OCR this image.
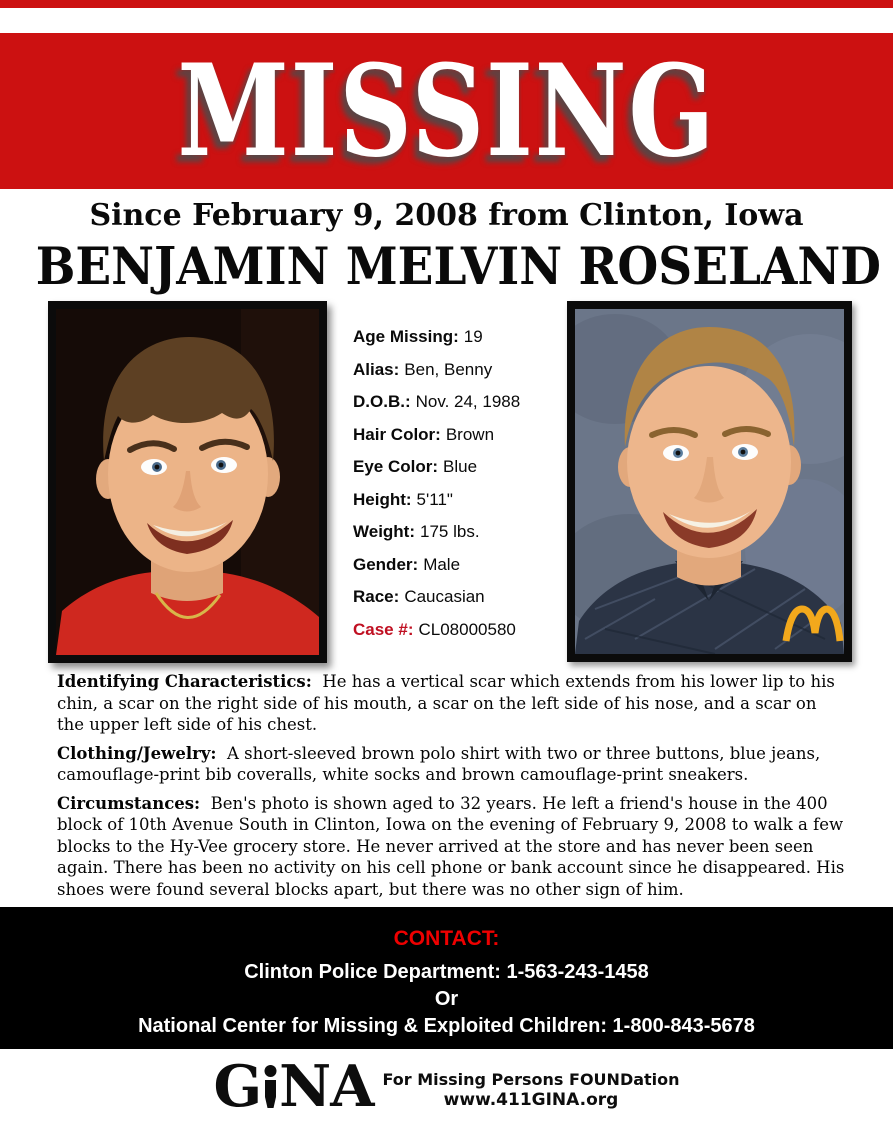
MISSING
Since February 9, 2008 from Clinton, Iowa
BENJAMIN MELVIN ROSELAND
Age Missing: 19
Alias: Ben, Benny
D.O.B.: Nov. 24, 1988
Hair Color: Brown
Eye Color: Blue
Height: 5'11"
Weight: 175 lbs.
Gender: Male
Race: Caucasian
Case #: CL08000580

Identifying Characteristics: He has a vertical scar which extends from his lower lip to his chin, a scar on the right side of his mouth, a scar on the left side of his nose, and a scar on the upper left side of his chest.

Clothing/Jewelry: A short-sleeved brown polo shirt with two or three buttons, blue jeans, camouflage-print bib coveralls, white socks and brown camouflage-print sneakers.

Circumstances: Ben's photo is shown aged to 32 years. He left a friend's house in the 400 block of 10th Avenue South in Clinton, Iowa on the evening of February 9, 2008 to walk a few blocks to the Hy-Vee grocery store. He never arrived at the store and has never been seen again. There has been no activity on his cell phone or bank account since he disappeared. His shoes were found several blocks apart, but there was no other sign of him.

CONTACT:
Clinton Police Department: 1-563-243-1458
Or
National Center for Missing & Exploited Children: 1-800-843-5678
G NA For Missing Persons FOUNDation
www.411GINA.org
